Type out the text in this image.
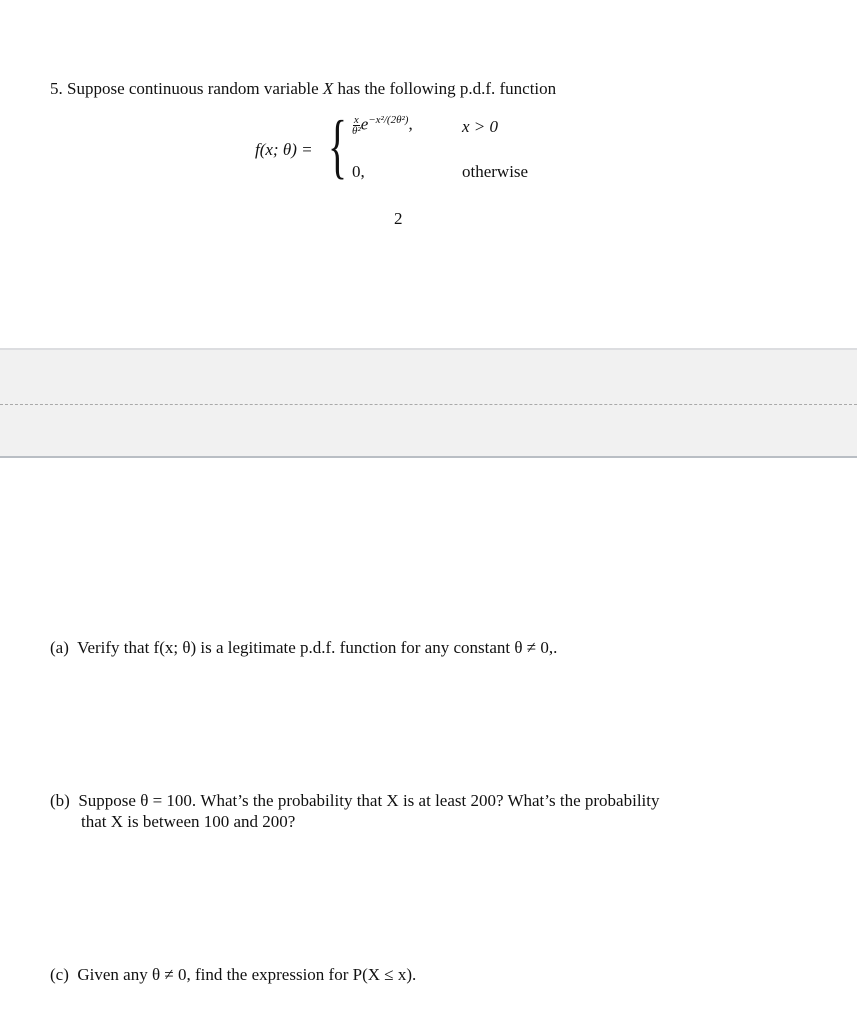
5. Suppose continuous random variable X has the following p.d.f. function
f(x; θ) = { $\frac{x}{\text{θ²}} e^{-x^2/(2\theta^2)}$,	x > 0
0,	otherwise
2
(a) Verify that f(x; θ) is a legitimate p.d.f. function for any constant θ ≠ 0,.
(b) Suppose θ = 100. What’s the probability that X is at least 200? What’s the probability
that X is between 100 and 200?
(c) Given any θ ≠ 0, find the expression for P(X ≤ x).
